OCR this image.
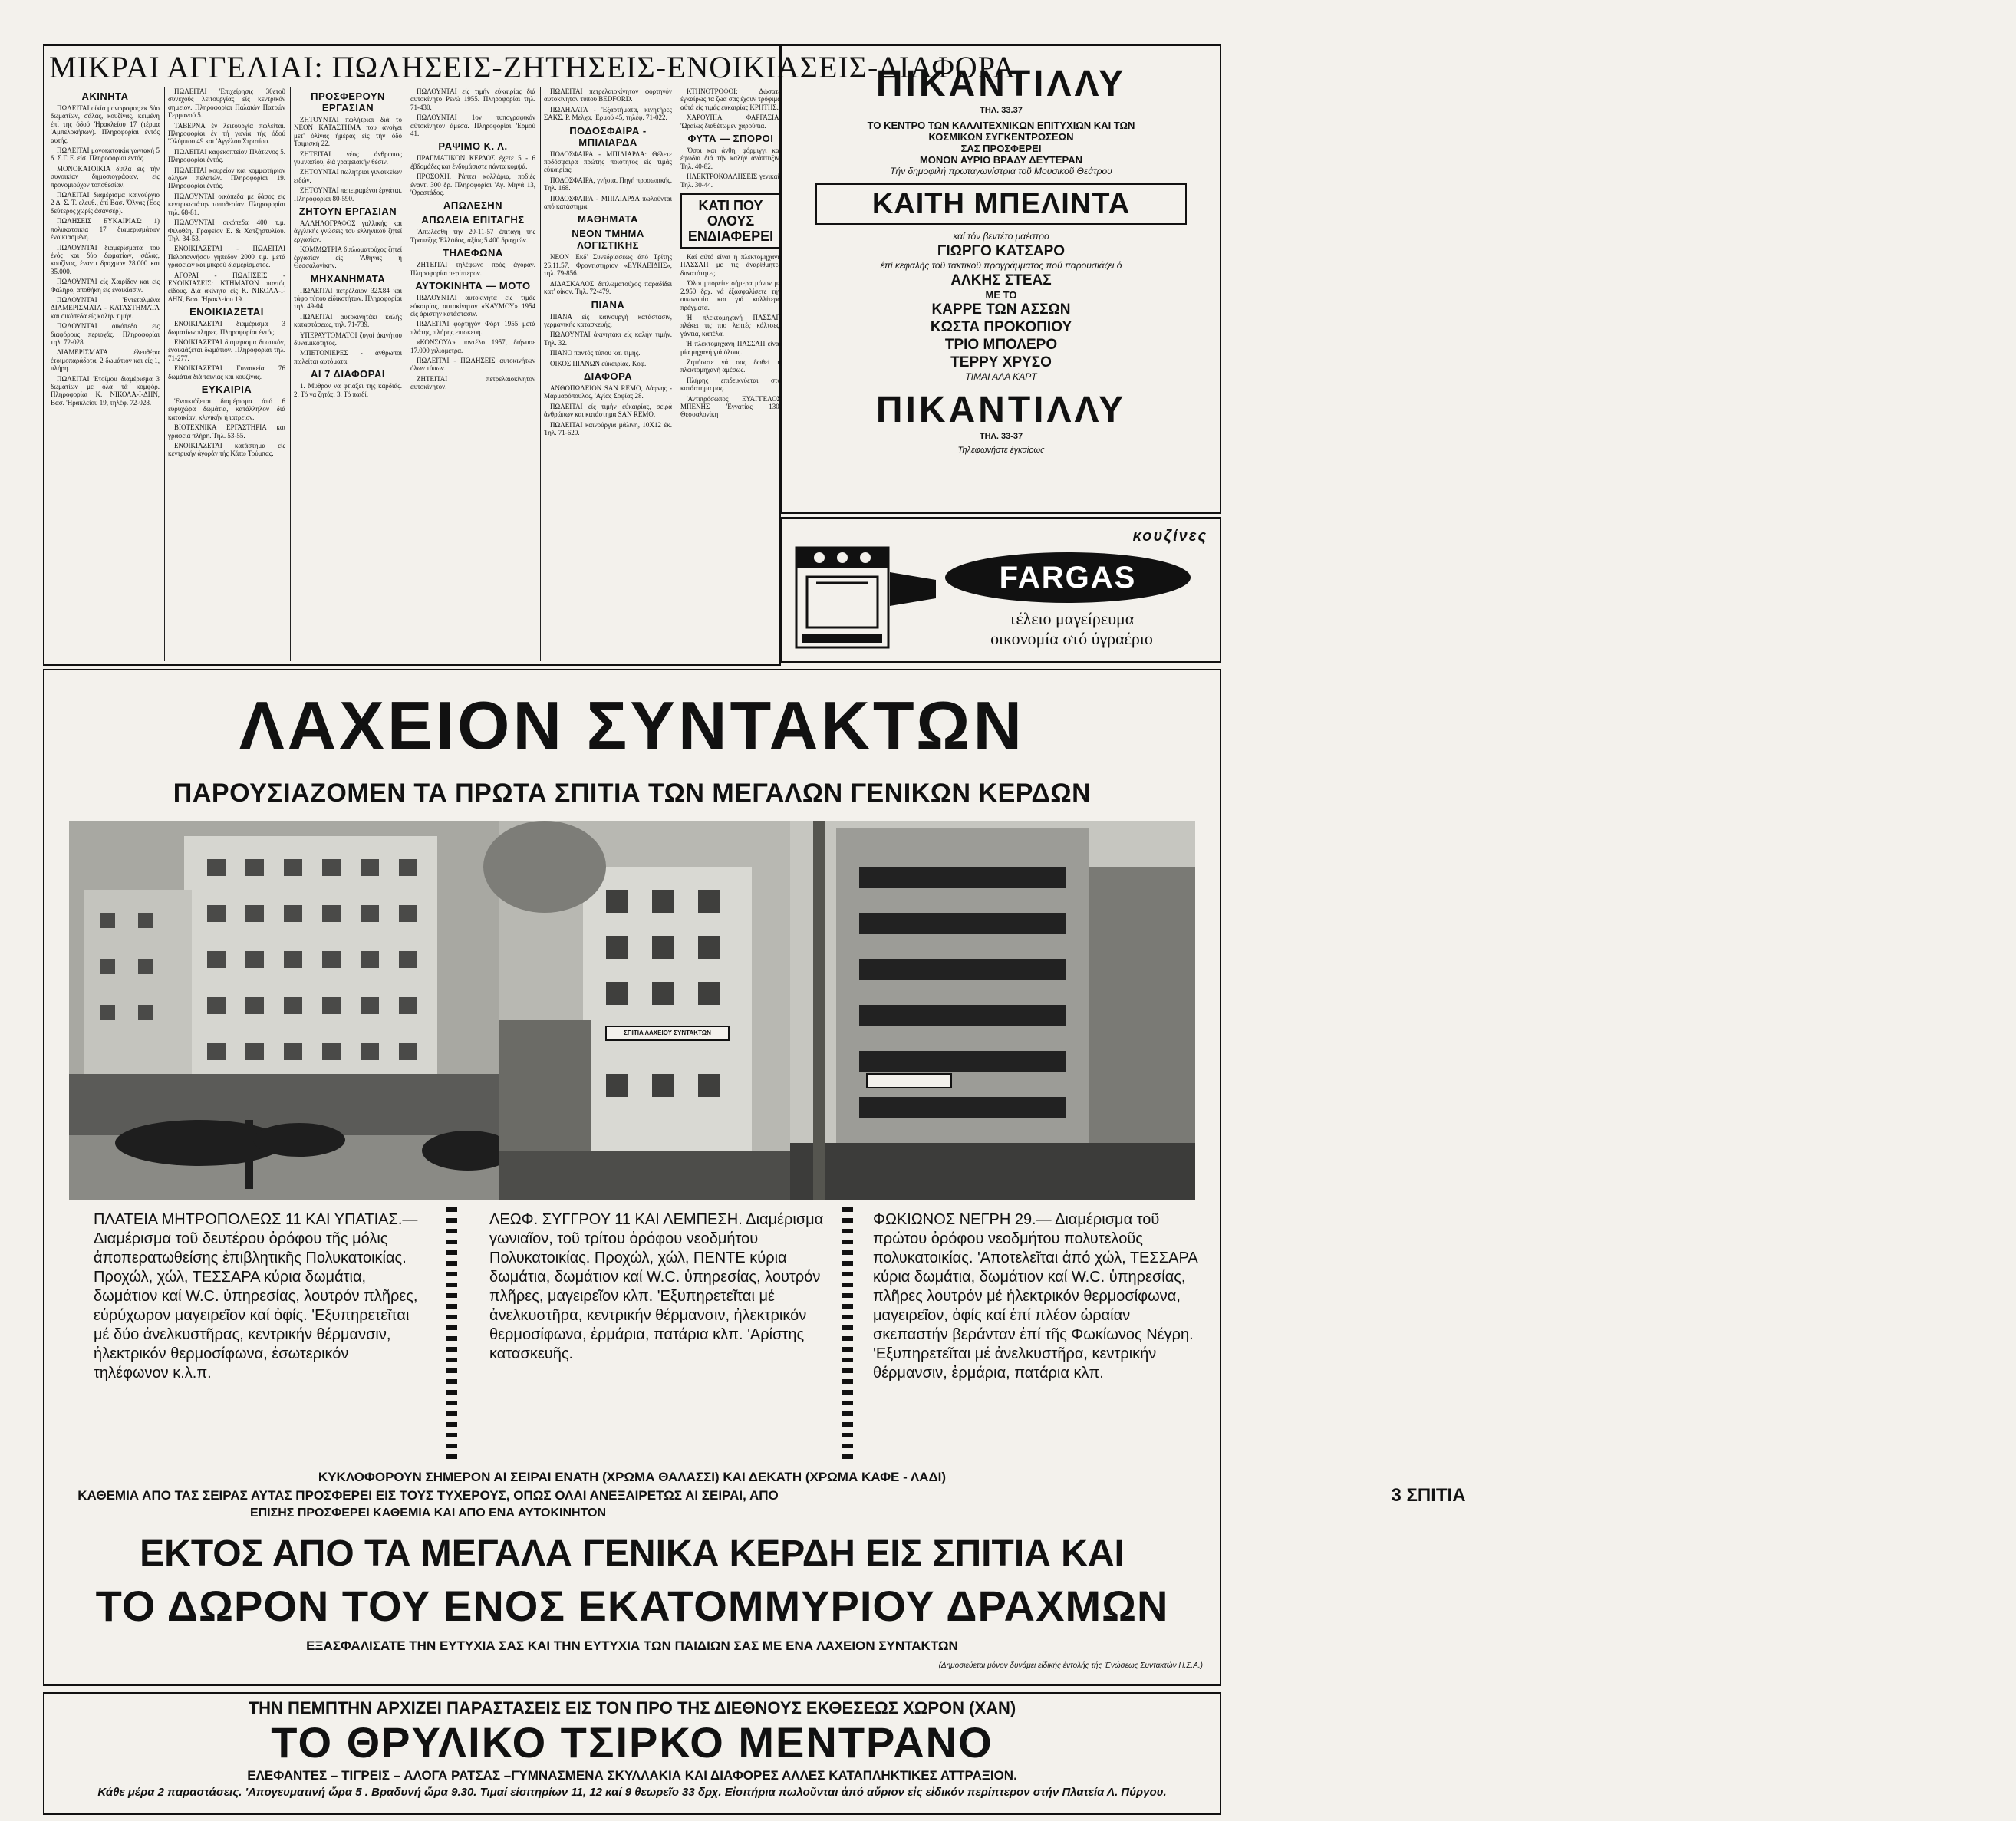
ΜΙΚΡΑΙ ΑΓΓΕΛΙΑΙ: ΠΩΛΗΣΕΙΣ-ΖΗΤΗΣΕΙΣ-ΕΝΟΙΚΙΑΣΕΙΣ-ΔΙΑΦΟΡΑ
ΑΚΙΝΗΤΑ
ΠΩΛΕΙΤΑΙ οίκία μονώροφος έκ δύο δωματίων, σάλας, κουζίνας, κειμένη έπί της όδού 'Ηρακλείου 17 (τέρμα 'Αμπελοκήπων). Πληροφορίαι έντός αυτής.
ΠΩΛΕΙΤΑΙ μονοκατοικία γωνιακή 5 δ. Σ.Γ. Ε. είσ. Πληροφορίαι έντός.
ΜΟΝΟΚΑΤΟΙΚΙΑ δίπλα εις τήν συνοικίαν δημοσιογράφων, είς προνομιούχον τοποθεσίαν.
ΠΩΛΕΙΤΑΙ διαμέρισμα καινούργιο 2 Δ. Σ. Τ. ελευθ., έπί Βασ. 'Όλγας (Εος δεύτερος χωρίς άσανσέρ).
ΠΩΛΗΣΕΙΣ ΕΥΚΑΙΡΙΑΣ: 1) πολυκατοικία 17 διαμερισμάτων ένοικιασμένη.
ΠΩΛΟΥΝΤΑΙ διαμερίσματα του ένός και δύο δωματίων, σάλας, κουζίνας, έναντι δραχμών 28.000 και 35.000.
ΠΩΛΟΥΝΤΑΙ είς Χαιρίδον και είς Φαληρο, αποθήκη είς ένοικίασιν.
ΠΩΛΟΥΝΤΑΙ 'Εντεταλμένα ΔΙΑΜΕΡΙΣΜΑΤΑ - ΚΑΤΑΣΤΗΜΑΤΑ και οικόπεδα είς καλήν τιμήν.
ΠΩΛΟΥΝΤΑΙ οικόπεδα είς διαφόρους περιοχάς. Πληροφορίαι τηλ. 72-028.
ΔΙΑΜΕΡΙΣΜΑΤΑ έλευθέρα έτοιμοπαράδοτα, 2 δωμάτιον και είς 1, πλήρη.
ΠΩΛΕΙΤΑΙ 'Ετοίμου διαμέρισμα 3 δωματίων με όλα τά κομφόρ. Πληροφορίαι Κ. ΝΙΚΟΛΑ-Ι-ΔΗΝ, Βασ. 'Ηρακλείου 19, τηλέφ. 72-028.
ΠΩΛΕΙΤΑΙ 'Επιχείρησις 30ετοῦ συνεχούς λειτουργίας είς κεντρικόν σημείον. Πληροφορίαι Παλαιών Πατρών Γερμανού 5.
ΤΑΒΕΡΝΑ έν λειτουργία πωλείται. Πληροφορίαι έν τή γωνία τής όδού 'Ολύμπου 49 και 'Αγγέλου Στρατίου.
ΠΩΛΕΙΤΑΙ καφεκοπτείον Πλάτωνος 5. Πληροφορίαι έντός.
ΠΩΛΕΙΤΑΙ κουρείον και κομμωτήριον ολίγων πελατών. Πληροφορίαι 19. Πληροφορίαι έντός.
ΠΩΛΟΥΝΤΑΙ οικόπεδα με δάσος είς κεντρικωτάτην τοποθεσίαν. Πληροφορίαι τηλ. 68-81.
ΠΩΛΟΥΝΤΑΙ οικόπεδα 400 τ.μ. Φιλοθέη. Γραφείον Ε. & Χατζηστυλίου. Τηλ. 34-53.
ΕΝΟΙΚΙΑΖΕΤΑΙ - ΠΩΛΕΙΤΑΙ Πελοποννήσου γήπεδον 2000 τ.μ. μετά γραφείων και μικρού διαμερίσματος.
ΑΓΟΡΑΙ - ΠΩΛΗΣΕΙΣ - ΕΝΟΙΚΙΑΣΕΙΣ: ΚΤΗΜΑΤΩΝ παντός είδους. Διά ακίνητα είς Κ. ΝΙΚΟΛΑ-Ι-ΔΗΝ, Βασ. 'Ηρακλείου 19.
ENOIKIAZETAI
ΕΝΟΙΚΙΑΖΕΤΑΙ διαμέρισμα 3 δωματίων πλήρες. Πληροφορίαι έντός.
ΕΝΟΙΚΙΑΖΕΤΑΙ διαμέρισμα δυοτικόν, ένοικιάζεται δωμάτιον. Πληροφορίαι τηλ. 71-277.
ΕΝΟΙΚΙΑΖΕΤΑΙ Γυναικεία 76 δωμάτια διά ταινίας και κουζίνας.
ΕΥΚΑΙΡΙΑ
'Ενοικιάζεται διαμέρισμα άπό 6 εύρυχώρα δωμάτια, κατάλληλον διά κατοικίαν, κλινικήν ή ιατρείον.
ΒΙΟΤΕΧΝΙΚΑ ΕΡΓΑΣΤΗΡΙΑ και γραφεία πλήρη. Τηλ. 53-55.
ΕΝΟΙΚΙΑΖΕΤΑΙ κατάστημα είς κεντρικήν άγοράν τής Κάτω Τούμπας.
ΠΡΟΣΦΕΡΟΥΝ ΕΡΓΑΣΙΑΝ
ΖΗΤΟΥΝΤΑΙ πωλήτριαι διά το ΝΕΟΝ ΚΑΤΑΣΤΗΜΑ που άνοίγει μετ' όλίγας ήμέρας είς τήν όδό Τσιμισκή 22.
ΖΗΤΕΙΤΑΙ νέος άνθρωπος γυμνασίου, διά γραφειακήν θέσιν.
ΖΗΤΟΥΝΤΑΙ πωλητριαι γυναικείων ειδών.
ΖΗΤΟΥΝΤΑΙ πεπειραμένοι έργάται. Πληροφορίαι 80-590.
ΖΗΤΟΥΝ ΕΡΓΑΣΙΑΝ
ΑΛΛΗΛΟΓΡΑΦΟΣ γαλλικής και άγγλικής γνώσεις του ελληνικού ζητεί εργασίαν.
ΚΟΜΜΩΤΡΙΑ διπλωματούχος ζητεί έργασίαν είς 'Αθήνας ή Θεσσαλονίκην.
ΜΗΧΑΝΗΜΑΤΑ
ΠΩΛΕΙΤΑΙ πετρέλαιον 32Χ84 και τάφο τύπου είδικοτήτων. Πληροφορίαι τηλ. 49-04.
ΠΩΛΕΙΤΑΙ αυτοκινητάκι καλής καταστάσεως, τηλ. 71-739.
ΥΠΕΡΑΥΤΟΜΑΤΟΙ ζυγοί άκινήτου δυναμικότητος.
ΜΠΕΤΟΝΙΕΡΕΣ - άνθρωποι πωλείται αυτόματα.
ΑΙ 7 ΔΙΑΦΟΡΑΙ
1. Μυθρον να φτιάξει της καρδιάς. 2. Τό να ζητάς. 3. Τό παιδί.
ΠΩΛΟΥΝΤΑΙ είς τιμήν εύκαιρίας διά αυτοκίνητο Ρενώ 1955. Πληροφορίαι τηλ. 71-430.
ΠΩΛΟΥΝΤΑΙ 1ον τυπογραφικόν αύτοκίνητον άμεσα. Πληροφορίαι 'Ερμού 41.
ΡΑΨΙΜΟ Κ. Λ.
ΠΡΑΓΜΑΤΙΚΟΝ ΚΕΡΔΟΣ έχετε 5 - 6 έβδομάδες και ένδυμάσιστε πάντα κομψά.
ΠΡΟΣΟΧΗ. Ράπτει κολλάρια, ποδιές έναντι 300 δρ. Πληροφορίαι 'Αγ. Μηνά 13, 'Ορεστάδος.
ΑΠΩΛΕΣΗΝ
ΑΠΩΛΕΙΑ ΕΠΙΤΑΓΗΣ
'Απωλέσθη την 20-11-57 έπιταγή της Τραπέζης 'Ελλάδος, άξίας 5.400 δραχμών.
ΤΗΛΕΦΩΝΑ
ΖΗΤΕΙΤΑΙ τηλέφωνο πρός άγοράν. Πληροφορίαι περίπτερον.
ΑΥΤΟΚΙΝΗΤΑ — ΜΟΤΟ
ΠΩΛΟΥΝΤΑΙ αυτοκίνητα είς τιμάς εύκαιρίας, αυτοκίνητον «ΚΑΥΜΟΥ» 1954 είς άριστην κατάστασιν.
ΠΩΛΕΙΤΑΙ φορτηγόν Φόρτ 1955 μετά πλάτης, πλήρης επισκευή.
«ΚΟΝΣΟΥΛ» μοντέλο 1957, διήνυσε 17.000 χιλιόμετρα.
ΠΩΛΕΙΤΑΙ - ΠΩΛΗΣΕΙΣ αυτοκινήτων όλων τύπων.
ΖΗΤΕΙΤΑΙ πετρελαιοκίνητον αυτοκίνητον.
ΠΩΛΕΙΤΑΙ πετρελαιοκίνητον φορτηγόν αυτοκίνητον τύπου BEDFORD.
ΠΩΛΗΛΑΤΑ - 'Εξαρτήματα, κινητήρες ΣΑΚΣ. Ρ. Μελχα, 'Ερμού 45, τηλέφ. 71-022.
ΠΟΔΟΣΦΑΙΡΑ - ΜΠΙΛΙΑΡΔΑ
ΠΟΔΟΣΦΑΙΡΑ - ΜΠΙΛΙΑΡΔΑ: Θέλετε ποδόσφαιρα πρώτης ποιότητος είς τιμάς εύκαιρίας;
ΠΟΔΟΣΦΑΙΡΑ, γνήσια. Πηγή προσωπικής. Τηλ. 168.
ΠΟΔΟΣΦΑΙΡΑ - ΜΠΙΛΙΑΡΔΑ πωλούνται από κατάστημα.
ΜΑΘΗΜΑΤΑ
ΝΕΟΝ ΤΜΗΜΑ ΛΟΓΙΣΤΙΚΗΣ
ΝΕΟΝ 'Εκδ' Συνεδρίασεως άπό Τρίτης 26.11.57, Φροντιστήριον «ΕΥΚΛΕΙΔΗΣ», τηλ. 79-856.
ΔΙΔΑΣΚΑΛΟΣ διπλωματούχος παραδίδει κατ' οίκον. Τηλ. 72-479.
ΠΙΑΝΑ
ΠΙΑΝΑ είς καινουργή κατάστασιν, γερμανικής κατασκευής.
ΠΩΛΟΥΝΤΑΙ άκινητάκι είς καλήν τιμήν. Τηλ. 32.
ΠΙΑΝΟ παντός τύπου και τιμής.
ΟΙΚΟΣ ΠΙΑΝΩΝ εύκαιρίας. Κοφ.
ΔΙΑΦΟΡΑ
ΑΝΘΟΠΩΛΕΙΟΝ SAN REMO, Δάφνης - Μαρμαρόπουλος, 'Αγίας Σοφίας 28.
ΠΩΛΕΙΤΑΙ είς τιμήν εύκαιρίας, σειρά άνθρώπων και κατάστημα SAN REMO.
ΠΩΛΕΙΤΑΙ καινούργια μάλινη, 10Χ12 έκ. Τηλ. 71-620.
ΚΤΗΝΟΤΡΟΦΟΙ: Δώσατε έγκαίρως τα ζωα σας έχουν τρόφιμα αύτά είς τιμάς εύκαιρίας ΚΡΗΤΗΣ.
ΧΑΡΟΥΠΙΑ ΦΑΡΓΑΣΙΑ: 'Ωραίως διαθέτωμεν χαρούπια.
ΦΥΤΑ — ΣΠΟΡΟΙ
'Όσοι και άνθη, φόρμιγγι καί έφωδια διά τήν καλήν άνάπτυξιν. Τηλ. 40-82.
ΗΛΕΚΤΡΟΚΟΛΛΗΣΕΙΣ γενικαί. Τηλ. 30-44.
ΚΑΤΙ ΠΟΥ ΟΛΟΥΣ ΕΝΔΙΑΦΕΡΕΙ
Καί αύτό είναι ή πλεκτομηχανή ΠΑΣΣΑΠ με τις άναρίθμητες δυνατότητες.
'Όλοι μπορείτε σήμερα μόνον με 2.950 δρχ. νά έξασφαλίσετε τήν οικονομία και γιά καλλίτερα πράγματα.
Ή πλεκτομηχανή ΠΑΣΣΑΠ πλέκει τις πιο λεπτές κάλτσες, γάντια, καπέλα.
Ή πλεκτομηχανή ΠΑΣΣΑΠ είναι μία μηχανή γιά όλους.
Ζητήσατε νά σας δωθεί ή πλεκτομηχανή αμέσως.
Πλήρης επιδεικνύεται στο κατάστημα μας.
'Αντιπρόσωπος ΕΥΑΓΓΕΛΟΣ ΜΠΕΝΗΣ 'Εγνατίας 130, Θεσσαλονίκη
ΠΙΚΑΝΤΙΛΛΥ
ΤΗΛ. 33.37
ΤΟ ΚΕΝΤΡΟ ΤΩΝ ΚΑΛΛΙΤΕΧΝΙΚΩΝ ΕΠΙΤΥΧΙΩΝ ΚΑΙ ΤΩΝ
ΚΟΣΜΙΚΩΝ ΣΥΓΚΕΝΤΡΩΣΕΩΝ
ΣΑΣ ΠΡΟΣΦΕΡΕΙ
ΜΟΝΟΝ ΑΥΡΙΟ ΒΡΑΔΥ ΔΕΥΤΕΡΑΝ
Τήν δημοφιλή πρωταγωνίστρια τοῦ Μουσικοῦ Θεάτρου
ΚΑΙΤΗ ΜΠΕΛΙΝΤΑ
καί τόν βεντέτο μαέστρο
ΓΙΩΡΓΟ ΚΑΤΣΑΡΟ
έπί κεφαλής τοῦ τακτικοῦ προγράμματος πού παρουσιάζει ὁ
ΑΛΚΗΣ ΣΤΕΑΣ
ΜΕ ΤΟ
ΚΑΡΡΕ ΤΩΝ ΑΣΣΩΝ
ΚΩΣΤΑ ΠΡΟΚΟΠΙΟΥ
ΤΡΙΟ ΜΠΟΛΕΡΟ
ΤΕΡΡΥ ΧΡΥΣΟ
ΤΙΜΑΙ ΑΛΑ ΚΑΡΤ
ΠΙΚΑΝΤΙΛΛΥ
ΤΗΛ. 33-37
Τηλεφωνήστε έγκαίρως
κουζίνες
FARGAS
τέλειο μαγείρευμα
οικονομία στό ύγραέριο
ΛΑΧΕΙΟΝ ΣΥΝΤΑΚΤΩΝ
ΠΑΡΟΥΣΙΑΖΟΜΕΝ ΤΑ ΠΡΩΤΑ ΣΠΙΤΙΑ ΤΩΝ ΜΕΓΑΛΩΝ ΓΕΝΙΚΩΝ ΚΕΡΔΩΝ
ΣΠΙΤΙΑ ΛΑΧΕΙΟΥ ΣΥΝΤΑΚΤΩΝ
ΠΛΑΤΕΙΑ ΜΗΤΡΟΠΟΛΕΩΣ 11 ΚΑΙ ΥΠΑΤΙΑΣ.— Διαμέρισμα τοῦ δευτέρου ὀρόφου τῆς μόλις ἀποπερατωθείσης ἐπιβλητικῆς Πολυκατοικίας. Προχώλ, χώλ, ΤΕΣΣΑΡΑ κύρια δωμάτια, δωμάτιον καί W.C. ὑπηρεσίας, λουτρόν πλῆρες, εὐρύχωρον μαγειρεῖον καί ὀφίς. 'Εξυπηρετεῖται μέ δύο ἀνελκυστῆρας, κεντρικήν θέρμανσιν, ἠλεκτρικόν θερμοσίφωνα, ἐσωτερικόν τηλέφωνον κ.λ.π.
ΛΕΩΦ. ΣΥΓΓΡΟΥ 11 ΚΑΙ ΛΕΜΠΕΣΗ. Διαμέρισμα γωνιαῖον, τοῦ τρίτου ὀρόφου νεοδμήτου Πολυκατοικίας. Προχώλ, χώλ, ΠΕΝΤΕ κύρια δωμάτια, δωμάτιον καί W.C. ὑπηρεσίας, λουτρόν πλῆρες, μαγειρεῖον κλπ. 'Εξυπηρετεῖται μέ ἀνελκυστῆρα, κεντρικήν θέρμανσιν, ἠλεκτρικόν θερμοσίφωνα, ἐρμάρια, πατάρια κλπ. 'Αρίστης κατασκευῆς.
ΦΩΚΙΩΝΟΣ ΝΕΓΡΗ 29.— Διαμέρισμα τοῦ πρώτου ὀρόφου νεοδμήτου πολυτελοῦς πολυκατοικίας. 'Αποτελεῖται ἀπό χώλ, ΤΕΣΣΑΡΑ κύρια δωμάτια, δωμάτιον καί W.C. ὑπηρεσίας, πλῆρες λουτρόν μέ ἠλεκτρικόν θερμοσίφωνα, μαγειρεῖον, ὀφίς καί ἐπί πλέον ὡραίαν σκεπαστήν βεράνταν ἐπί τῆς Φωκίωνος Νέγρη. 'Εξυπηρετεῖται μέ ἀνελκυστῆρα, κεντρικήν θέρμανσιν, ἐρμάρια, πατάρια κλπ.
ΚΥΚΛΟΦΟΡΟΥΝ ΣΗΜΕΡΟΝ ΑΙ ΣΕΙΡΑΙ ΕΝΑΤΗ (ΧΡΩΜΑ ΘΑΛΑΣΣΙ) ΚΑΙ ΔΕΚΑΤΗ (ΧΡΩΜΑ ΚΑΦΕ - ΛΑΔΙ)
ΚΑΘΕΜΙΑ ΑΠΟ ΤΑΣ ΣΕΙΡΑΣ ΑΥΤΑΣ ΠΡΟΣΦΕΡΕΙ ΕΙΣ ΤΟΥΣ ΤΥΧΕΡΟΥΣ, ΟΠΩΣ ΟΛΑΙ ΑΝΕΞΑΙΡΕΤΩΣ ΑΙ ΣΕΙΡΑΙ, ΑΠΟ	3 ΣΠΙΤΙΑ
ΕΠΙΣΗΣ ΠΡΟΣΦΕΡΕΙ ΚΑΘΕΜΙΑ ΚΑΙ ΑΠΟ ΕΝΑ ΑΥΤΟΚΙΝΗΤΟΝ
ΕΚΤΟΣ ΑΠΟ ΤΑ ΜΕΓΑΛΑ ΓΕΝΙΚΑ ΚΕΡΔΗ ΕΙΣ ΣΠΙΤΙΑ ΚΑΙ
ΤΟ ΔΩΡΟΝ ΤΟΥ ΕΝΟΣ ΕΚΑΤΟΜΜΥΡΙΟΥ ΔΡΑΧΜΩΝ
ΕΞΑΣΦΑΛΙΣΑΤΕ ΤΗΝ ΕΥΤΥΧΙΑ ΣΑΣ ΚΑΙ ΤΗΝ ΕΥΤΥΧΙΑ ΤΩΝ ΠΑΙΔΙΩΝ ΣΑΣ ΜΕ ΕΝΑ ΛΑΧΕΙΟΝ ΣΥΝΤΑΚΤΩΝ
(Δημοσιεύεται μόνον δυνάμει είδικής έντολής τής 'Ενώσεως Συντακτών Η.Σ.Α.)
ΤΗΝ ΠΕΜΠΤΗΝ ΑΡΧΙΖΕΙ ΠΑΡΑΣΤΑΣΕΙΣ ΕΙΣ ΤΟΝ ΠΡΟ ΤΗΣ ΔΙΕΘΝΟΥΣ ΕΚΘΕΣΕΩΣ ΧΩΡΟΝ (ΧΑΝ)
ΤΟ ΘΡΥΛΙΚΟ ΤΣΙΡΚΟ ΜΕΝΤΡΑΝΟ
ΕΛΕΦΑΝΤΕΣ – ΤΙΓΡΕΙΣ – ΑΛΟΓΑ ΡΑΤΣΑΣ –ΓΥΜΝΑΣΜΕΝΑ ΣΚΥΛΛΑΚΙΑ ΚΑΙ ΔΙΑΦΟΡΕΣ ΑΛΛΕΣ ΚΑΤΑΠΛΗΚΤΙΚΕΣ ΑΤΤΡΑΞΙΟΝ.
Κάθε μέρα 2 παραστάσεις. 'Απογευματινή ὥρα 5 . Βραδυνή ὥρα 9.30. Τιμαί είσιτηρίων 11, 12 καί 9 θεωρεῖο 33 δρχ. Εἰσιτήρια πωλοῦνται ἀπό αὔριον εἰς εἰδικόν περίπτερον στήν Πλατεία Λ. Πύργου.
